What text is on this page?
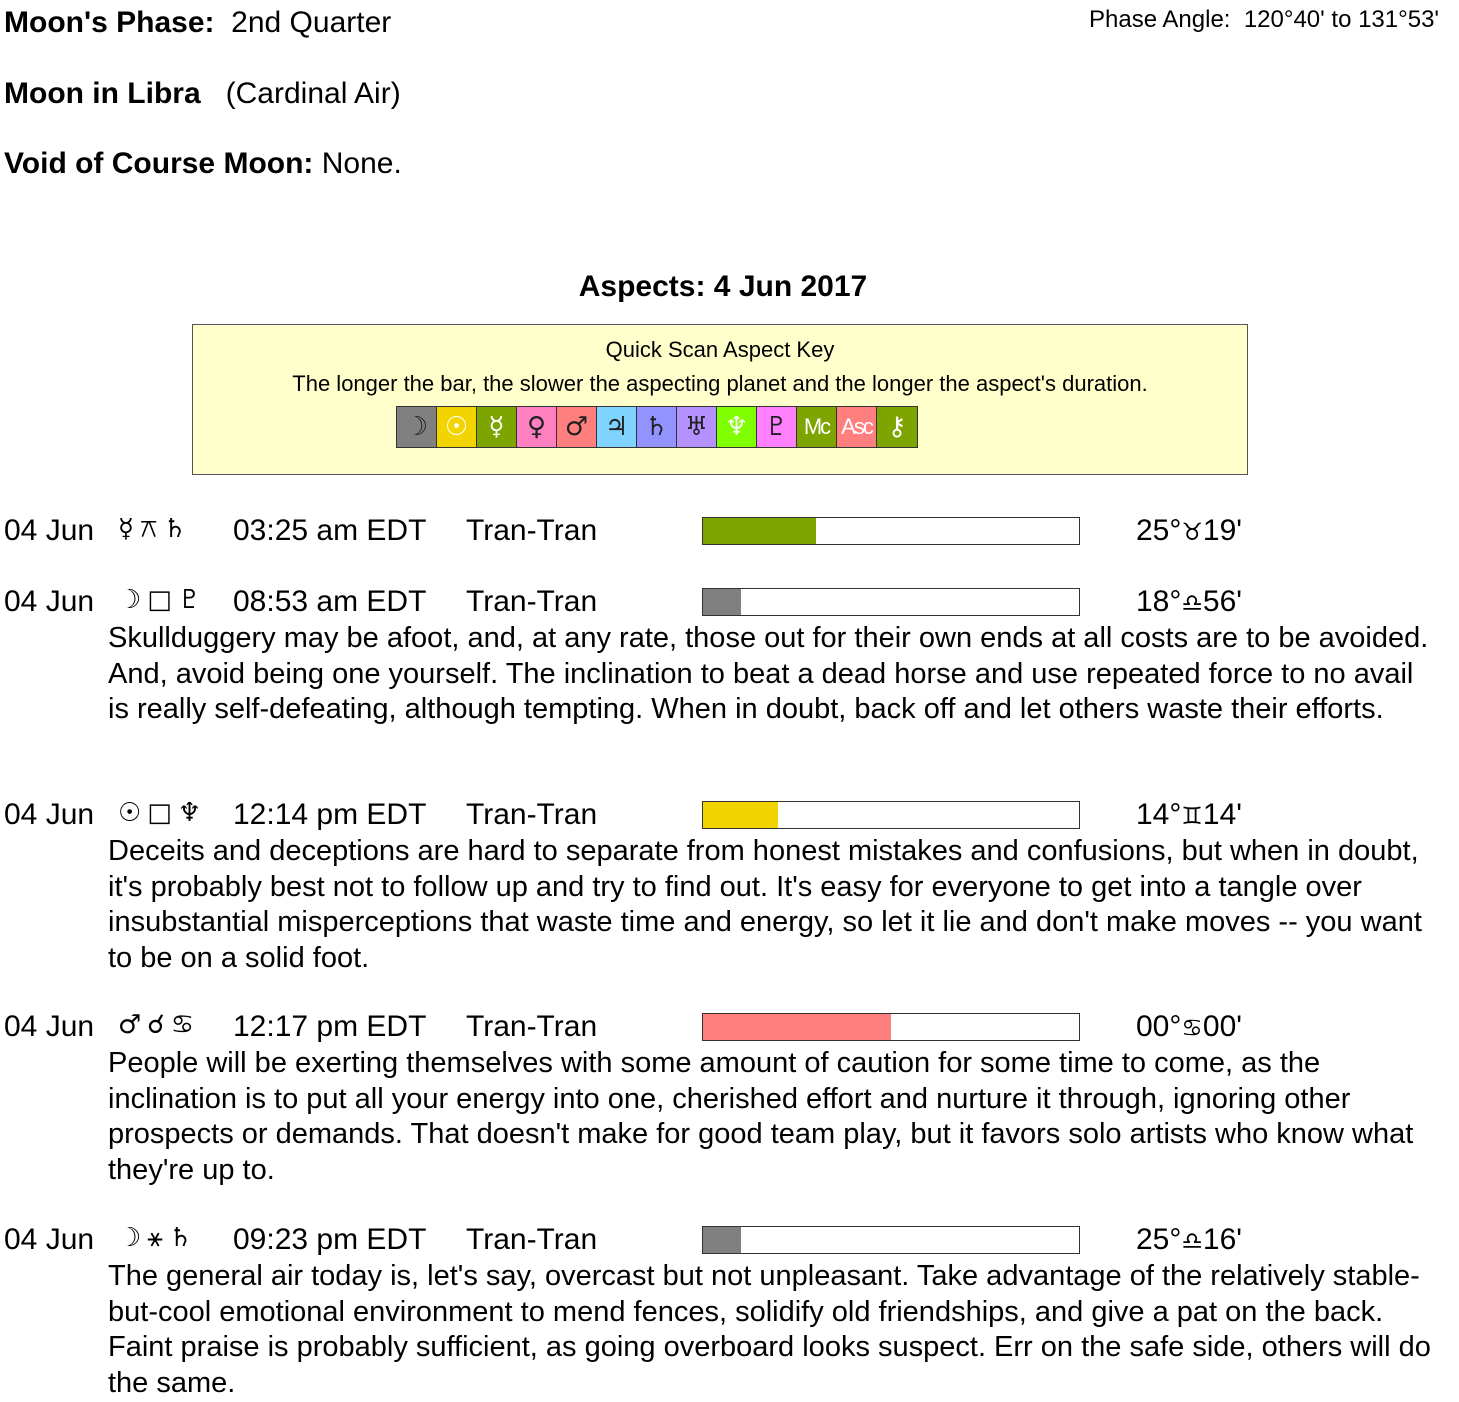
Moon's Phase: 2nd Quarter	Phase Angle:  120°40' to 131°53'
Moon in Libra (Cardinal Air)
Void of Course Moon: None.
Aspects: 4 Jun 2017
Quick Scan Aspect Key
The longer the bar, the slower the aspecting planet and the longer the aspect's duration.
☽ ☉ ☿ ♀ ♂ ♃ ♄ ♅ ♆ ♇ Mc Asc ⚷
04 Jun ☿⚻♄ 03:25 am EDT Tran-Tran	25°♉19'
04 Jun ☽□♇ 08:53 am EDT Tran-Tran	18°♎56'
Skullduggery may be afoot, and, at any rate, those out for their own ends at all costs are to be avoided. And, avoid being one yourself. The inclination to beat a dead horse and use repeated force to no avail is really self-defeating, although tempting. When in doubt, back off and let others waste their efforts.
04 Jun ☉□♆ 12:14 pm EDT Tran-Tran	14°♊14'
Deceits and deceptions are hard to separate from honest mistakes and confusions, but when in doubt, it's probably best not to follow up and try to find out. It's easy for everyone to get into a tangle over insubstantial misperceptions that waste time and energy, so let it lie and don't make moves -- you want to be on a solid foot.
04 Jun ♂☌♋ 12:17 pm EDT Tran-Tran	00°♋00'
People will be exerting themselves with some amount of caution for some time to come, as the inclination is to put all your energy into one, cherished effort and nurture it through, ignoring other prospects or demands. That doesn't make for good team play, but it favors solo artists who know what they're up to.
04 Jun ☽⚹♄ 09:23 pm EDT Tran-Tran	25°♎16'
The general air today is, let's say, overcast but not unpleasant. Take advantage of the relatively stable-but-cool emotional environment to mend fences, solidify old friendships, and give a pat on the back. Faint praise is probably sufficient, as going overboard looks suspect. Err on the safe side, others will do the same.
